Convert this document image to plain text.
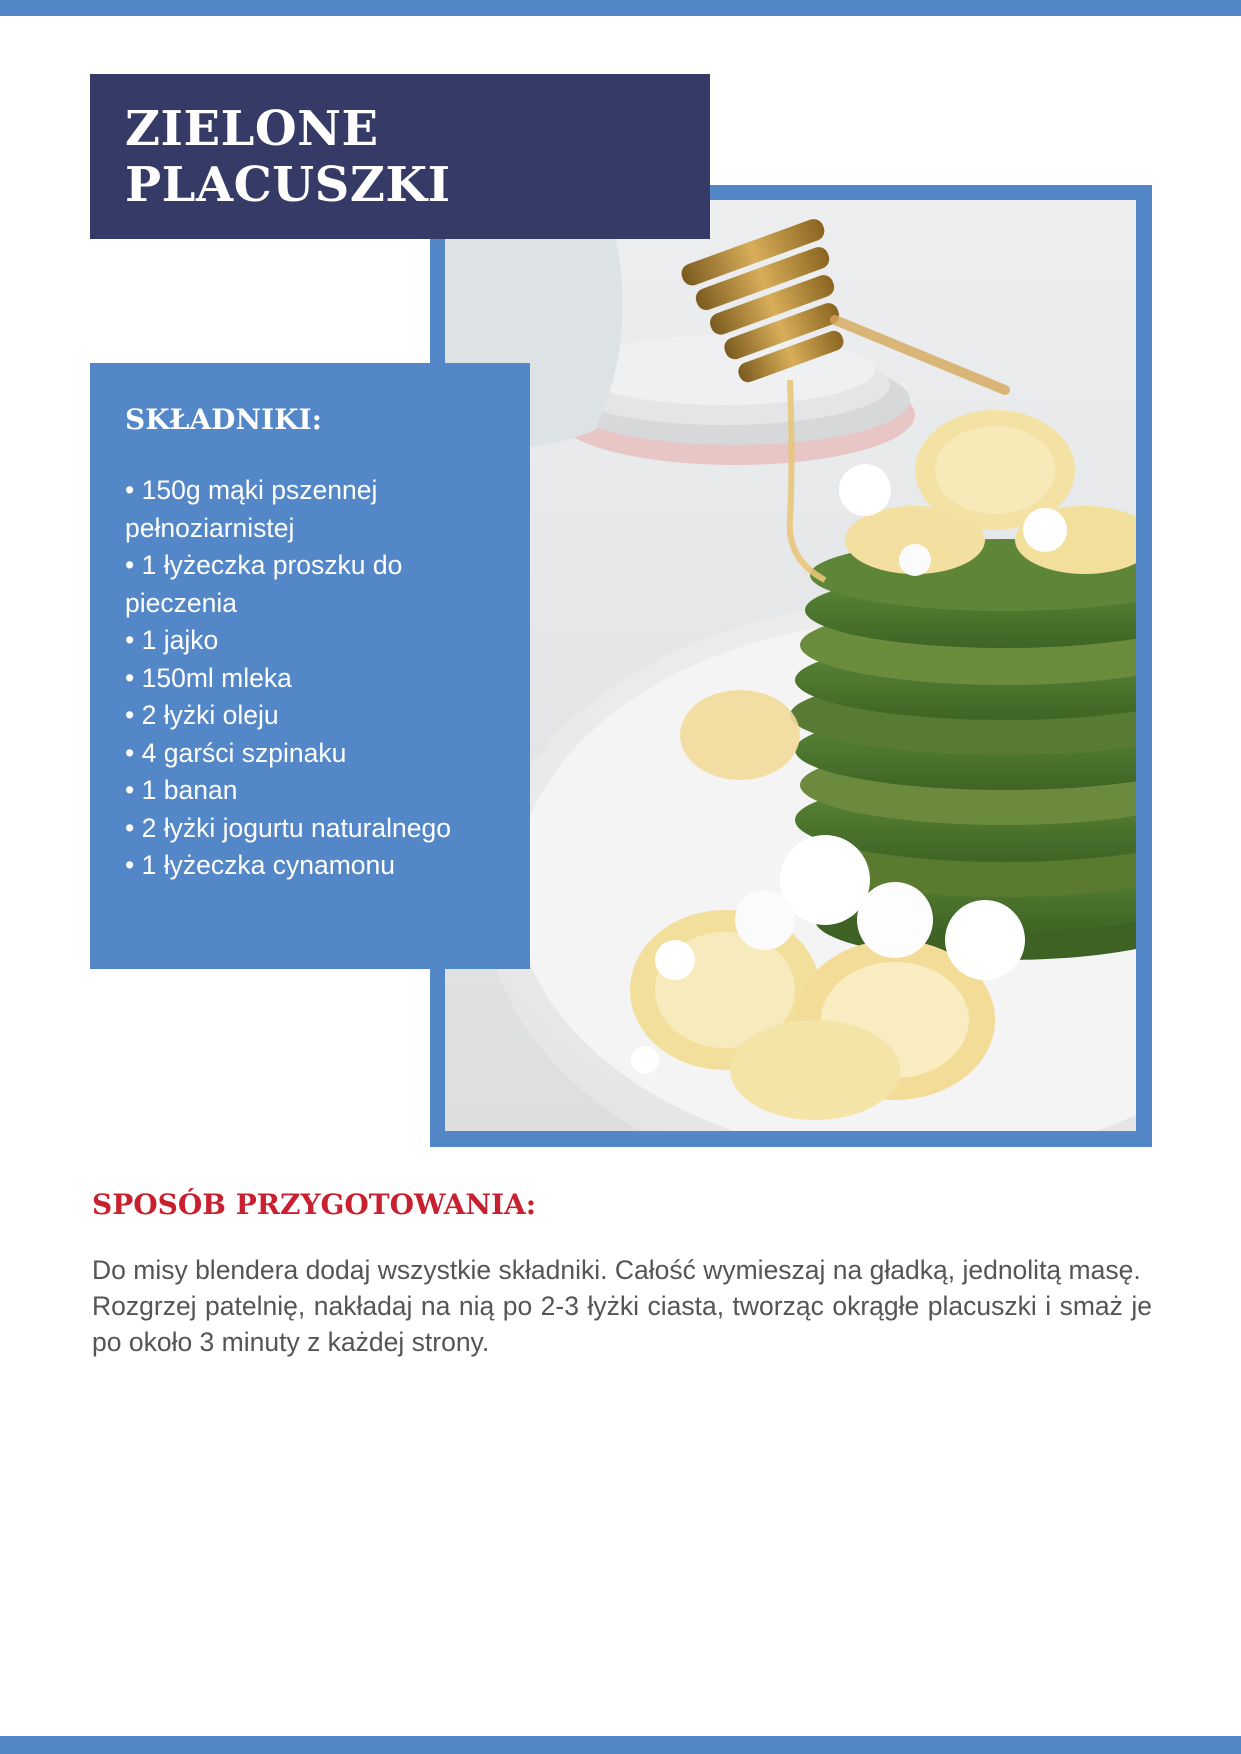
ZIELONE PLACUSZKI
SKŁADNIKI:
• 150g mąki pszennej pełnoziarnistej
• 1 łyżeczka proszku do pieczenia
• 1 jajko
• 150ml mleka
• 2 łyżki oleju
• 4 garści szpinaku
• 1 banan
• 2 łyżki jogurtu naturalnego
• 1 łyżeczka cynamonu
SPOSÓB PRZYGOTOWANIA:

Do misy blendera dodaj wszystkie składniki. Całość wymieszaj na gładką, jednolitą masę.

Rozgrzej patelnię, nakładaj na nią po 2-3 łyżki ciasta, tworząc okrągłe placuszki i smaż je po około 3 minuty z każdej strony.
